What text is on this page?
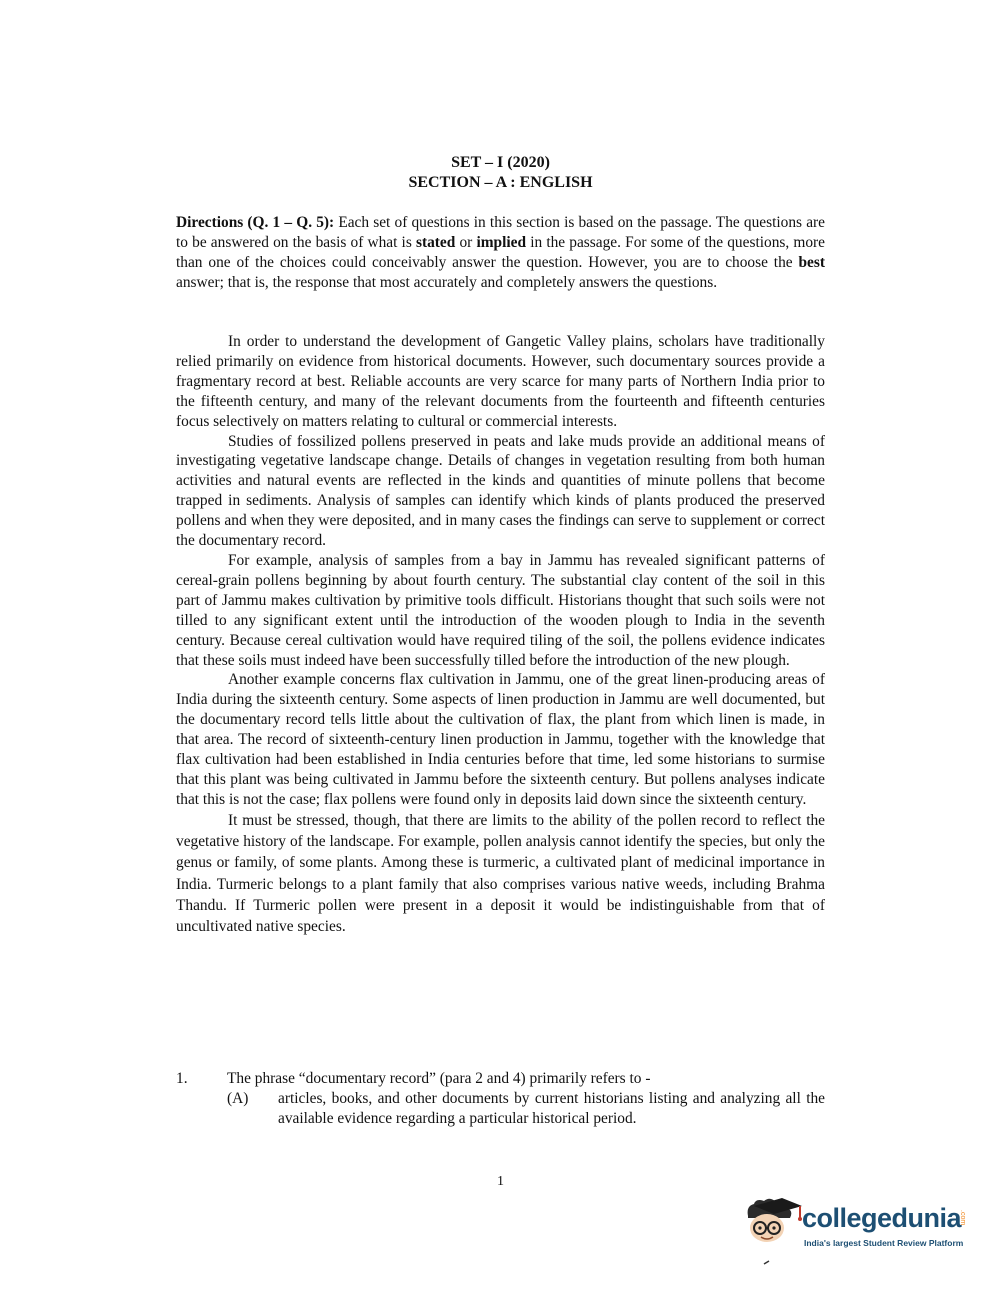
SET – I (2020)
SECTION – A : ENGLISH
Directions (Q. 1 – Q. 5): Each set of questions in this section is based on the passage. The questions are to be answered on the basis of what is stated or implied in the passage. For some of the questions, more than one of the choices could conceivably answer the question. However, you are to choose the best answer; that is, the response that most accurately and completely answers the questions.

In order to understand the development of Gangetic Valley plains, scholars have traditionally relied primarily on evidence from historical documents. However, such documentary sources provide a fragmentary record at best. Reliable accounts are very scarce for many parts of Northern India prior to the fifteenth century, and many of the relevant documents from the fourteenth and fifteenth centuries focus selectively on matters relating to cultural or commercial interests.

Studies of fossilized pollens preserved in peats and lake muds provide an additional means of investigating vegetative landscape change. Details of changes in vegetation resulting from both human activities and natural events are reflected in the kinds and quantities of minute pollens that become trapped in sediments. Analysis of samples can identify which kinds of plants produced the preserved pollens and when they were deposited, and in many cases the findings can serve to supplement or correct the documentary record.

For example, analysis of samples from a bay in Jammu has revealed significant patterns of cereal-grain pollens beginning by about fourth century. The substantial clay content of the soil in this part of Jammu makes cultivation by primitive tools difficult. Historians thought that such soils were not tilled to any significant extent until the introduction of the wooden plough to India in the seventh century. Because cereal cultivation would have required tiling of the soil, the pollens evidence indicates that these soils must indeed have been successfully tilled before the introduction of the new plough.

Another example concerns flax cultivation in Jammu, one of the great linen-producing areas of India during the sixteenth century. Some aspects of linen production in Jammu are well documented, but the documentary record tells little about the cultivation of flax, the plant from which linen is made, in that area. The record of sixteenth-century linen production in Jammu, together with the knowledge that flax cultivation had been established in India centuries before that time, led some historians to surmise that this plant was being cultivated in Jammu before the sixteenth century. But pollens analyses indicate that this is not the case; flax pollens were found only in deposits laid down since the sixteenth century.

It must be stressed, though, that there are limits to the ability of the pollen record to reflect the vegetative history of the landscape. For example, pollen analysis cannot identify the species, but only the genus or family, of some plants. Among these is turmeric, a cultivated plant of medicinal importance in India. Turmeric belongs to a plant family that also comprises various native weeds, including Brahma Thandu. If Turmeric pollen were present in a deposit it would be indistinguishable from that of uncultivated native species.

1.	The phrase “documentary record” (para 2 and 4) primarily refers to -
(A)	articles, books, and other documents by current historians listing and analyzing all the available evidence regarding a particular historical period.
1
collegedunia
.com
India's largest Student Review Platform
